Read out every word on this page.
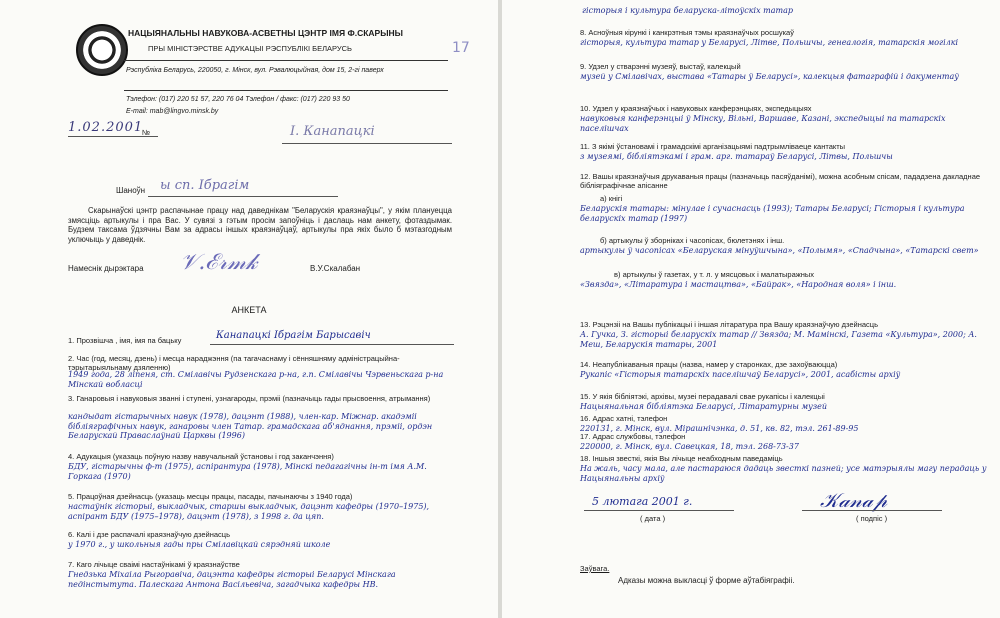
НАЦЫЯНАЛЬНЫ НАВУКОВА-АСВЕТНЫ ЦЭНТР ІМЯ Ф.СКАРЫНЫ
ПРЫ МІНІСТЭРСТВЕ АДУКАЦЫІ РЭСПУБЛІКІ БЕЛАРУСЬ
Рэспубліка Беларусь, 220050, г. Мінск, вул. Рэвалюцыйная, дом 15, 2-гі паверх
Тэлефон: (017) 220 51 57, 220 76 04 Тэлефон / факс: (017) 220 93 50
E-mail: mab@lingvo.minsk.by
17
1.02.2001
№	І. Канапацкі
Шаноўн ы сп. Ібрагім
Скарынаўскі цэнтр распачынае працу над даведнікам "Беларускія краязнаўцы", у якім плануецца змясціць артыкулы і пра Вас. У сувязі з гэтым просім запоўніць і даслаць нам анкету, фотаздымак. Будзем таксама ўдзячны Вам за адрасы іншых краязнаўцаў, артыкулы пра якіх было б мэтазгодным уключыць у даведнік.
Намеснік дырэктара 𝒱.ℰ𝓇𝓂𝓀	В.У.Скалабан
АНКЕТА
1. Прозвішча , імя, імя па бацьку	Канапацкі Ібрагім Барысавіч
2. Час (год, месяц, дзень) і месца нараджэння (па тагачаснаму і сённяшняму адміністрацыйна-тэрытарыяльнаму дзяленню)
1949 года, 28 ліпеня, ст. Смілавічы Рудзенскага р-на, г.п. Смілавічы Чэрвеньскага р-на Мінскай вобласці
3. Ганаровыя і навуковыя званні і ступені, узнагароды, прэміі (пазначыць гады прысвоення, атрымання)
кандыдат гістарычных навук (1978), дацэнт (1988), член-кар. Міжнар. акадэміі бібліяграфічных навук, ганаровы член Татар. грамадскага аб'яднання, прэміі, ордэн Беларускай Праваслаўнай Царквы (1996)
4. Адукацыя (указаць поўную назву навучальнай ўстановы і год заканчэння)
БДУ, гістарычны ф-т (1975), аспірантура (1978), Мінскі педагагічны ін-т імя А.М. Горкага (1970)
5. Працоўная дзейнасць (указаць месцы працы, пасады, пачынаючы з 1940 года)
настаўнік гісторыі, выкладчык, старшы выкладчык, дацэнт кафедры (1970–1975), аспірант БДУ (1975–1978), дацэнт (1978), з 1998 г. да цяп.
6. Калі і дзе распачалі краязнаўчую дзейнасць
у 1970 г., у школьныя гады пры Смілавіцкай сярэдняй школе
7. Каго лічыце сваімі настаўнікамі ў краязнаўстве
Гнедзька Міхаіла Рыгоравіча, дацэнта кафедры гісторыі Беларусі Мінскага педінстытута. Палескага Антона Васільевіча, загадчыка кафедры НВ.
гісторыя і культура беларуска-літоўскіх татар
8. Асноўныя кірункі і канкрэтныя тэмы краязнаўчых росшукаў
гісторыя, культура татар у Беларусі, Літве, Польшчы, генеалогія, татарскія могілкі
9. Удзел у стварэнні музеяў, выстаў, калекцый
музей у Смілавічах, выстава «Татары ў Беларусі», калекцыя фатаграфій і дакументаў
10. Удзел у краязнаўчых і навуковых канферэнцыях, экспедыцыях
навуковыя канферэнцыі ў Мінску, Вільні, Варшаве, Казані, экспедыцыі па татарскіх паселішчах
11. З якімі ўстановамі і грамадскімі арганізацыямі падтрымліваеце кантакты
з музеямі, бібліятэкамі і грам. арг. татараў Беларусі, Літвы, Польшчы
12. Вашы краязнаўчыя друкаваныя працы (пазначыць пасяўданімі), можна асобным спісам, пададзена дакладнае бібліяграфічнае апісанне
а) кнігі
Беларускія татары: мінулае і сучаснасць (1993); Татары Беларусі; Гісторыя і культура беларускіх татар (1997)
б) артыкулы ў зборніках і часопісах, бюлетэнях і інш.
артыкулы ў часопісах «Беларуская мінуўшчына», «Полымя», «Спадчына», «Татарскі свет»
в) артыкулы ў газетах, у т. л. у мясцовых і малатыражных
«Звязда», «Літаратура і мастацтва», «Байрак», «Народная воля» і інш.
13. Рэцэнзіі на Вашы публікацыі і іншая літаратура пра Вашу краязнаўчую дзейнасць
А. Гучка, З. гісторыі беларускіх татар // Звязда; М. Мамінскі, Газета «Культура», 2000; А. Меш, Беларускія татары, 2001
14. Неапублікаваныя працы (назва, намер у старонках, дзе захоўваюцца)
Рукапіс «Гісторыя татарскіх паселішчаў Беларусі», 2001, асабісты архіў
15. У якія бібліятэкі, архівы, музеі перадавалі свае рукапісы і калекцыі
Нацыянальная бібліятэка Беларусі, Літаратурны музей
16. Адрас хатні, тэлефон
220131, г. Мінск, вул. Мірашнічэнка, д. 51, кв. 82, тэл. 261-89-95
17. Адрас службовы, тэлефон
220000, г. Мінск, вул. Савецкая, 18, тэл. 268-73-37
18. Іншыя звесткі, якія Вы лічыце неабходным паведаміць
На жаль, часу мала, але пастараюся дадаць звесткі пазней; усе матэрыялы магу перадаць у Нацыянальны архіў
5 лютага 2001 г.
( дата )
𝒦𝒶𝓃𝒶𝓅
( подпіс )
Заўвага.
Адказы можна выкласці ў форме аўтабіяграфіі.
